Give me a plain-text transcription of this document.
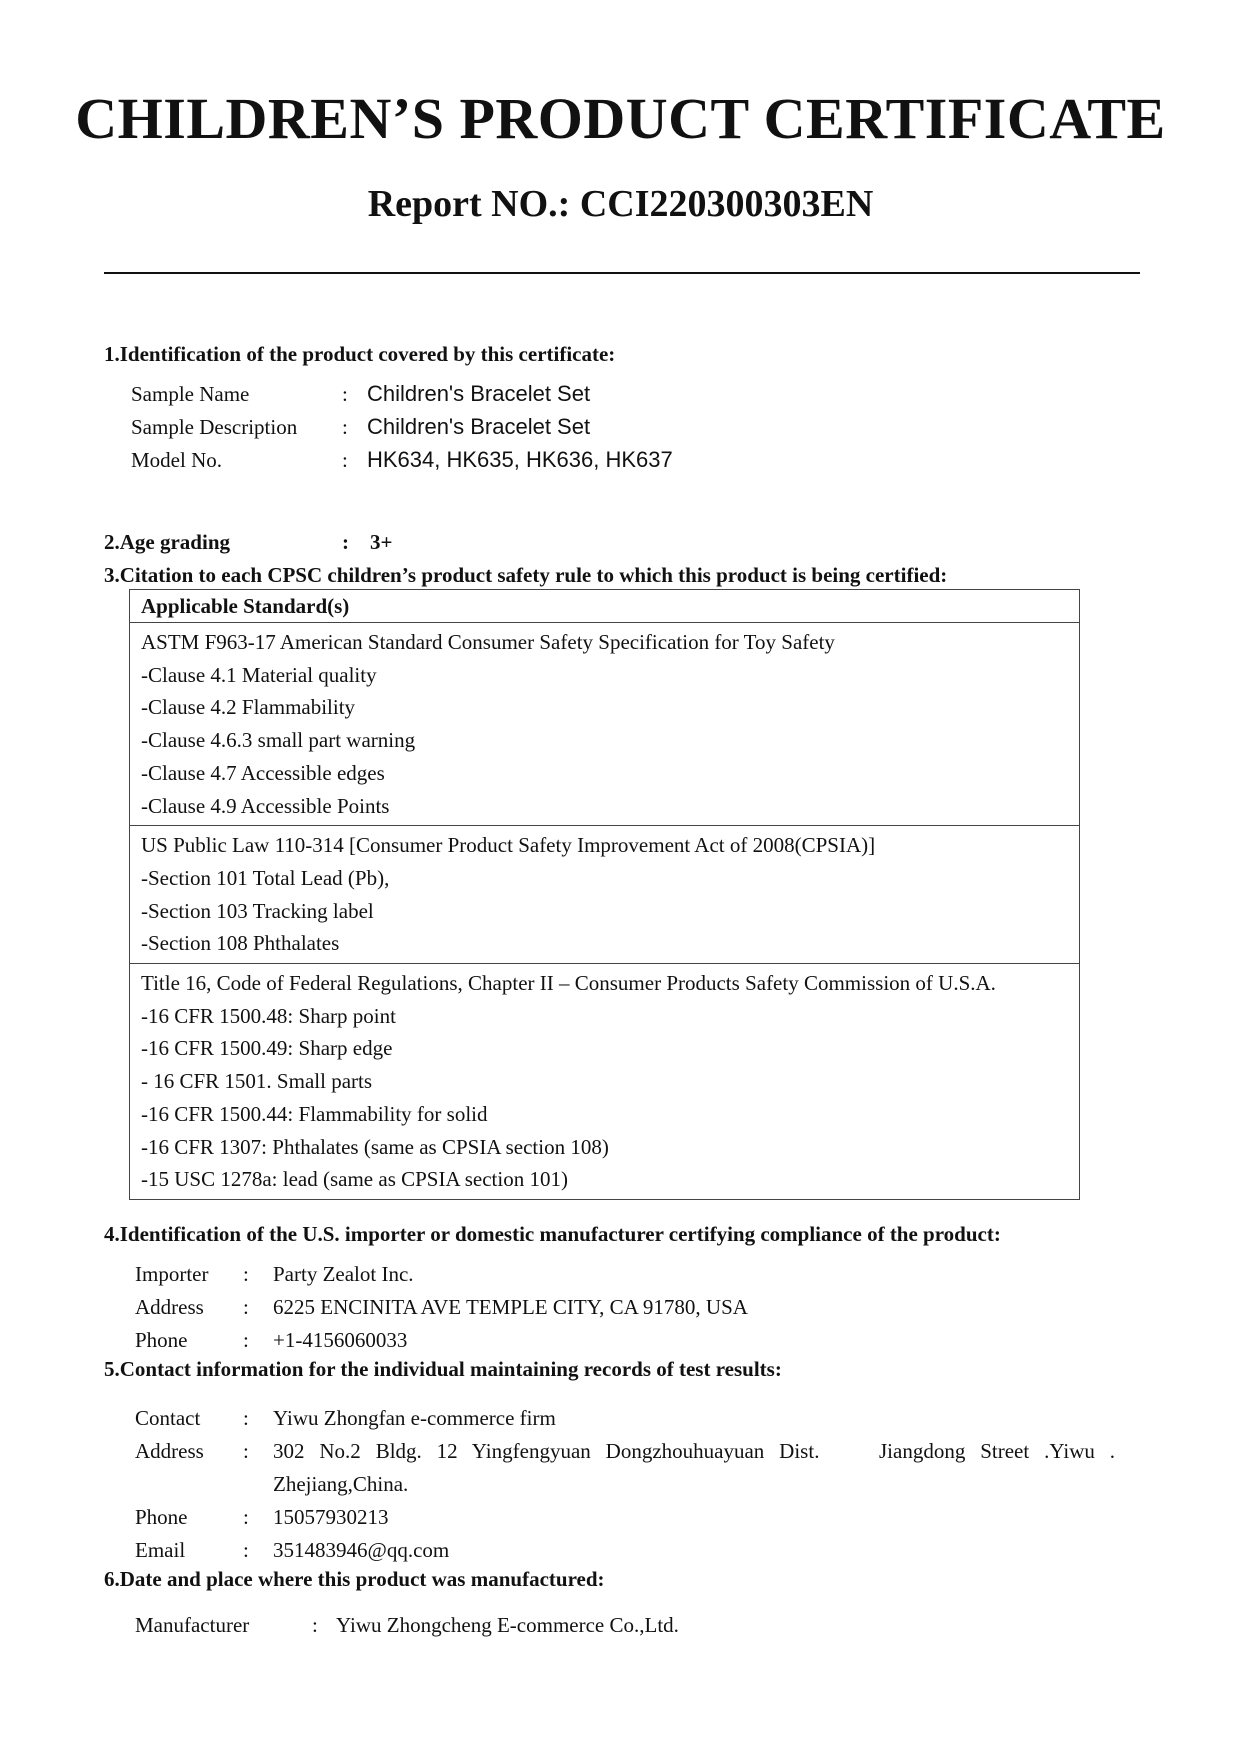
CHILDREN’S PRODUCT CERTIFICATE
Report NO.: CCI220300303EN
1.Identification of the product covered by this certificate:
Sample Name	: Children's Bracelet Set
Sample Description : Children's Bracelet Set
Model No.	: HK634, HK635, HK636, HK637
2.Age grading	: 3+
3.Citation to each CPSC children’s product safety rule to which this product is being certified:
Applicable Standard(s)

ASTM F963-17 American Standard Consumer Safety Specification for Toy Safety
-Clause 4.1 Material quality
-Clause 4.2 Flammability
-Clause 4.6.3 small part warning
-Clause 4.7 Accessible edges
-Clause 4.9 Accessible Points

US Public Law 110-314 [Consumer Product Safety Improvement Act of 2008(CPSIA)]
-Section 101 Total Lead (Pb),
-Section 103 Tracking label
-Section 108 Phthalates

Title 16, Code of Federal Regulations, Chapter II – Consumer Products Safety Commission of U.S.A.
-16 CFR 1500.48: Sharp point
-16 CFR 1500.49: Sharp edge
- 16 CFR 1501. Small parts
-16 CFR 1500.44: Flammability for solid
-16 CFR 1307: Phthalates (same as CPSIA section 108)
-15 USC 1278a: lead (same as CPSIA section 101)
4.Identification of the U.S. importer or domestic manufacturer certifying compliance of the product:
Importer : Party Zealot Inc.
Address : 6225 ENCINITA AVE TEMPLE CITY, CA 91780, USA
Phone	: +1-4156060033
5.Contact information for the individual maintaining records of test results:
Contact : Yiwu Zhongfan e-commerce firm
Address : 302 No.2 Bldg. 12 Yingfengyuan Dongzhouhuayuan Dist.    Jiangdong Street .Yiwu .
Zhejiang,China.
Phone	: 15057930213
Email	: 351483946@qq.com
6.Date and place where this product was manufactured:
Manufacturer	: Yiwu Zhongcheng E-commerce Co.,Ltd.
